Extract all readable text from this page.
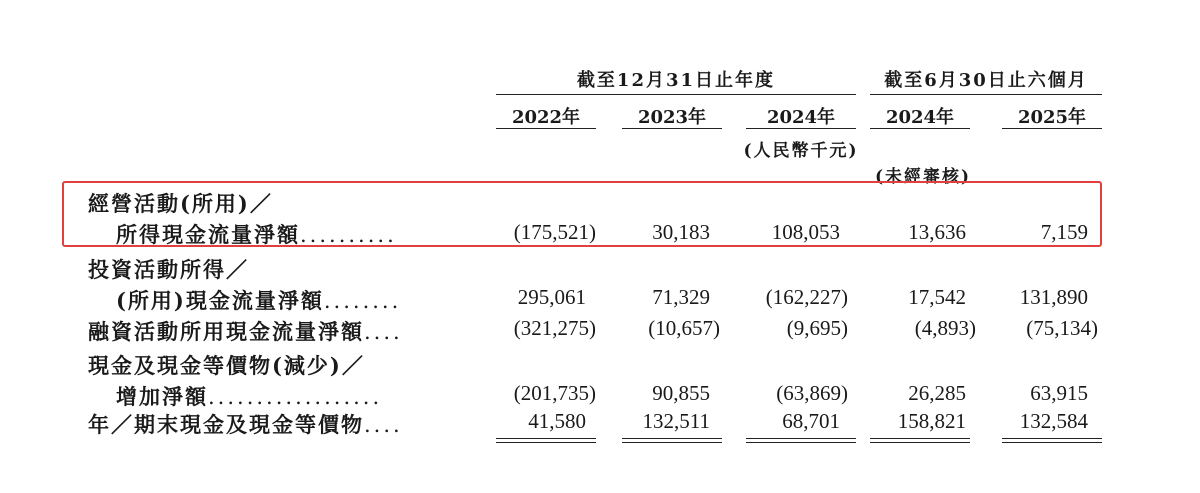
截至12月31日止年度	截至6月30日止六個月
2022年	2023年	2024年	2024年	2025年
(人民幣千元)
(未經審核)
經營活動(所用)／
所得現金流量淨額..........	(175,521)	30,183	108,053	13,636	7,159
投資活動所得／
(所用)現金流量淨額........	295,061	71,329	(162,227)	17,542	131,890
融資活動所用現金流量淨額....	(321,275)	(10,657)	(9,695)	(4,893)	(75,134)
現金及現金等價物(減少)／
增加淨額..................	(201,735)	90,855	(63,869)	26,285	63,915
年／期末現金及現金等價物....	41,580	132,511	68,701	158,821	132,584
